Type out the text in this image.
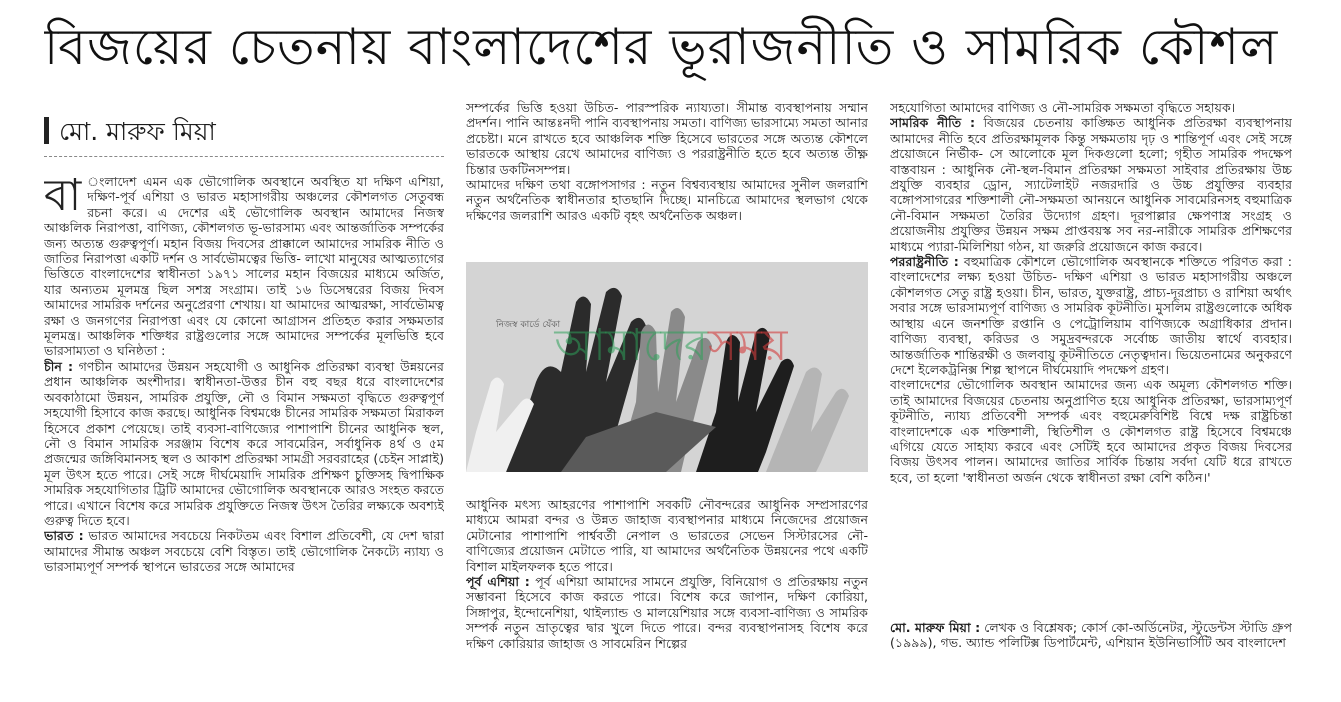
বিজয়ের চেতনায় বাংলাদেশের ভূরাজনীতি ও সামরিক কৌশল
মো. মারুফ মিয়া

বা ংলাদেশ এমন এক ভৌগোলিক অবস্থানে অবস্থিত যা দক্ষিণ এশিয়া, দক্ষিণ-পূর্ব এশিয়া ও ভারত মহাসাগরীয় অঞ্চলের কৌশলগত সেতুবন্ধ রচনা করে। এ দেশের এই ভৌগোলিক অবস্থান আমাদের নিজস্ব আঞ্চলিক নিরাপত্তা, বাণিজ্য, কৌশলগত ভূ-ভারসাম্য এবং আন্তর্জাতিক সম্পর্কের জন্য অত্যন্ত গুরুত্বপূর্ণ। মহান বিজয় দিবসের প্রাক্কালে আমাদের সামরিক নীতি ও জাতির নিরাপত্তা একটি দর্শন ও সার্বভৌমত্বের ভিত্তি- লাখো মানুষের আত্মত্যাগের ভিত্তিতে বাংলাদেশের স্বাধীনতা ১৯৭১ সালের মহান বিজয়ের মাধ্যমে অর্জিত, যার অন্যতম মূলমন্ত্র ছিল সশস্ত্র সংগ্রাম। তাই ১৬ ডিসেম্বরের বিজয় দিবস আমাদের সামরিক দর্শনের অনুপ্রেরণা শেখায়। যা আমাদের আত্মরক্ষা, সার্বভৌমত্ব রক্ষা ও জনগণের নিরাপত্তা এবং যে কোনো আগ্রাসন প্রতিহত করার সক্ষমতার মূলমন্ত্র। আঞ্চলিক শক্তিধর রাষ্ট্রগুলোর সঙ্গে আমাদের সম্পর্কের মূলভিত্তি হবে ভারসাম্যতা ও ঘনিষ্ঠতা :

চীন : গণচীন আমাদের উন্নয়ন সহযোগী ও আধুনিক প্রতিরক্ষা ব্যবস্থা উন্নয়নের প্রধান আঞ্চলিক অংশীদার। স্বাধীনতা-উত্তর চীন বহু বছর ধরে বাংলাদেশের অবকাঠামো উন্নয়ন, সামরিক প্রযুক্তি, নৌ ও বিমান সক্ষমতা বৃদ্ধিতে গুরুত্বপূর্ণ সহযোগী হিসাবে কাজ করছে। আধুনিক বিশ্বমঞ্চে চীনের সামরিক সক্ষমতা মিরাকল হিসেবে প্রকাশ পেয়েছে। তাই ব্যবসা-বাণিজ্যের পাশাপাশি চীনের আধুনিক স্থল, নৌ ও বিমান সামরিক সরঞ্জাম বিশেষ করে সাবমেরিন, সর্বাধুনিক ৪র্থ ও ৫ম প্রজন্মের জঙ্গিবিমানসহ স্থল ও আকাশ প্রতিরক্ষা সামগ্রী সরবরাহের (চেইন সাপ্লাই) মূল উৎস হতে পারে। সেই সঙ্গে দীর্ঘমেয়াদি সামরিক প্রশিক্ষণ চুক্তিসহ দ্বিপাক্ষিক সামরিক সহযোগিতার ট্রিটি আমাদের ভৌগোলিক অবস্থানকে আরও সংহত করতে পারে। এখানে বিশেষ করে সামরিক প্রযুক্তিতে নিজস্ব উৎস তৈরির লক্ষ্যকে অবশ্যই গুরুত্ব দিতে হবে।

ভারত : ভারত আমাদের সবচেয়ে নিকটতম এবং বিশাল প্রতিবেশী, যে দেশ দ্বারা আমাদের সীমান্ত অঞ্চল সবচেয়ে বেশি বিস্তৃত। তাই ভৌগোলিক নৈকট্যে ন্যায্য ও ভারসাম্যপূর্ণ সম্পর্ক স্থাপনে ভারতের সঙ্গে আমাদের

সম্পর্কের ভিত্তি হওয়া উচিত- পারস্পরিক ন্যায্যতা। সীমান্ত ব্যবস্থাপনায় সম্মান প্রদর্শন। পানি আন্তঃনদী পানি ব্যবস্থাপনায় সমতা। বাণিজ্য ভারসাম্যে সমতা আনার প্রচেষ্টা। মনে রাখতে হবে আঞ্চলিক শক্তি হিসেবে ভারতের সঙ্গে অত্যন্ত কৌশলে ভারতকে আস্থায় রেখে আমাদের বাণিজ্য ও পররাষ্ট্রনীতি হতে হবে অত্যন্ত তীক্ষ্ণ চিন্তার ডকটিনসম্পন্ন।

আমাদের দক্ষিণ তথা বঙ্গোপসাগর : নতুন বিশ্বব্যবস্থায় আমাদের সুনীল জলরাশি নতুন অর্থনৈতিক স্বাধীনতার হাতছানি দিচ্ছে। মানচিত্রে আমাদের স্থলভাগ থেকে দক্ষিণের জলরাশি আরও একটি বৃহৎ অর্থনৈতিক অঞ্চল।

নিজস্ব কার্ডে যেঁকা
আমাদেরসময়

আধুনিক মৎস্য আহরণের পাশাপাশি সবকটি নৌবন্দরের আধুনিক সম্প্রসারণের মাধ্যমে আমরা বন্দর ও উন্নত জাহাজ ব্যবস্থাপনার মাধ্যমে নিজেদের প্রয়োজন মেটানোর পাশাপাশি পার্শ্ববর্তী নেপাল ও ভারতের সেভেন সিস্টারসের নৌ-বাণিজ্যের প্রয়োজন মেটাতে পারি, যা আমাদের অর্থনৈতিক উন্নয়নের পথে একটি বিশাল মাইলফলক হতে পারে।

পূর্ব এশিয়া : পূর্ব এশিয়া আমাদের সামনে প্রযুক্তি, বিনিয়োগ ও প্রতিরক্ষায় নতুন সম্ভাবনা হিসেবে কাজ করতে পারে। বিশেষ করে জাপান, দক্ষিণ কোরিয়া, সিঙ্গাপুর, ইন্দোনেশিয়া, থাইল্যান্ড ও মালয়েশিয়ার সঙ্গে ব্যবসা-বাণিজ্য ও সামরিক সম্পর্ক নতুন ভ্রাতৃত্বের দ্বার খুলে দিতে পারে। বন্দর ব্যবস্থাপনাসহ বিশেষ করে দক্ষিণ কোরিয়ার জাহাজ ও সাবমেরিন শিল্পের

সহযোগিতা আমাদের বাণিজ্য ও নৌ-সামরিক সক্ষমতা বৃদ্ধিতে সহায়ক।

সামরিক নীতি : বিজয়ের চেতনায় কাঙ্ক্ষিত আধুনিক প্রতিরক্ষা ব্যবস্থাপনায় আমাদের নীতি হবে প্রতিরক্ষামূলক কিন্তু সক্ষমতায় দৃঢ় ও শান্তিপূর্ণ এবং সেই সঙ্গে প্রয়োজনে নির্ভীক- সে আলোকে মূল দিকগুলো হলো; গৃহীত সামরিক পদক্ষেপ বাস্তবায়ন : আধুনিক নৌ-স্থল-বিমান প্রতিরক্ষা সক্ষমতা সাইবার প্রতিরক্ষায় উচ্চ প্রযুক্তি ব্যবহার ড্রোন, স্যাটেলাইট নজরদারি ও উচ্চ প্রযুক্তির ব্যবহার বঙ্গোপসাগরের শক্তিশালী নৌ-সক্ষমতা আনয়নে আধুনিক সাবমেরিনসহ বহুমাত্রিক নৌ-বিমান সক্ষমতা তৈরির উদ্যোগ গ্রহণ। দূরপাল্লার ক্ষেপণাস্ত্র সংগ্রহ ও প্রয়োজনীয় প্রযুক্তির উন্নয়ন সক্ষম প্রাপ্তবয়স্ক সব নর-নারীকে সামরিক প্রশিক্ষণের মাধ্যমে প্যারা-মিলিশিয়া গঠন, যা জরুরি প্রয়োজনে কাজ করবে।

পররাষ্ট্রনীতি : বহুমাত্রিক কৌশলে ভৌগোলিক অবস্থানকে শক্তিতে পরিণত করা : বাংলাদেশের লক্ষ্য হওয়া উচিত- দক্ষিণ এশিয়া ও ভারত মহাসাগরীয় অঞ্চলে কৌশলগত সেতু রাষ্ট্র হওয়া। চীন, ভারত, যুক্তরাষ্ট্র, প্রাচ্য-দূরপ্রাচ্য ও রাশিয়া অর্থাৎ সবার সঙ্গে ভারসাম্যপূর্ণ বাণিজ্য ও সামরিক কূটনীতি। মুসলিম রাষ্ট্রগুলোকে অধিক আস্থায় এনে জনশক্তি রপ্তানি ও পেট্রোলিয়াম বাণিজ্যকে অগ্রাধিকার প্রদান। বাণিজ্য ব্যবস্থা, করিডর ও সমুদ্রবন্দরকে সর্বোচ্চ জাতীয় স্বার্থে ব্যবহার। আন্তর্জাতিক শান্তিরক্ষী ও জলবায়ু কূটনীতিতে নেতৃত্বদান। ভিয়েতনামের অনুকরণে দেশে ইলেকট্রনিক্স শিল্প স্থাপনে দীর্ঘমেয়াদি পদক্ষেপ গ্রহণ।

বাংলাদেশের ভৌগোলিক অবস্থান আমাদের জন্য এক অমূল্য কৌশলগত শক্তি। তাই আমাদের বিজয়ের চেতনায় অনুপ্রাণিত হয়ে আধুনিক প্রতিরক্ষা, ভারসাম্যপূর্ণ কূটনীতি, ন্যায্য প্রতিবেশী সম্পর্ক এবং বহুমেরুবিশিষ্ট বিশ্বে দক্ষ রাষ্ট্রচিন্তা বাংলাদেশকে এক শক্তিশালী, স্থিতিশীল ও কৌশলগত রাষ্ট্র হিসেবে বিশ্বমঞ্চে এগিয়ে যেতে সাহায্য করবে এবং সেটিই হবে আমাদের প্রকৃত বিজয় দিবসের বিজয় উৎসব পালন। আমাদের জাতির সার্বিক চিন্তায় সর্বদা যেটি ধরে রাখতে হবে, তা হলো 'স্বাধীনতা অর্জন থেকে স্বাধীনতা রক্ষা বেশি কঠিন।'

মো. মারুফ মিয়া : লেখক ও বিশ্লেষক; কোর্স কো-অর্ডিনেটর, স্টুডেন্টস স্টাডি গ্রুপ (১৯৯৯), গভ. অ্যান্ড পলিটিক্স ডিপার্টমেন্ট, এশিয়ান ইউনিভার্সিটি অব বাংলাদেশ
